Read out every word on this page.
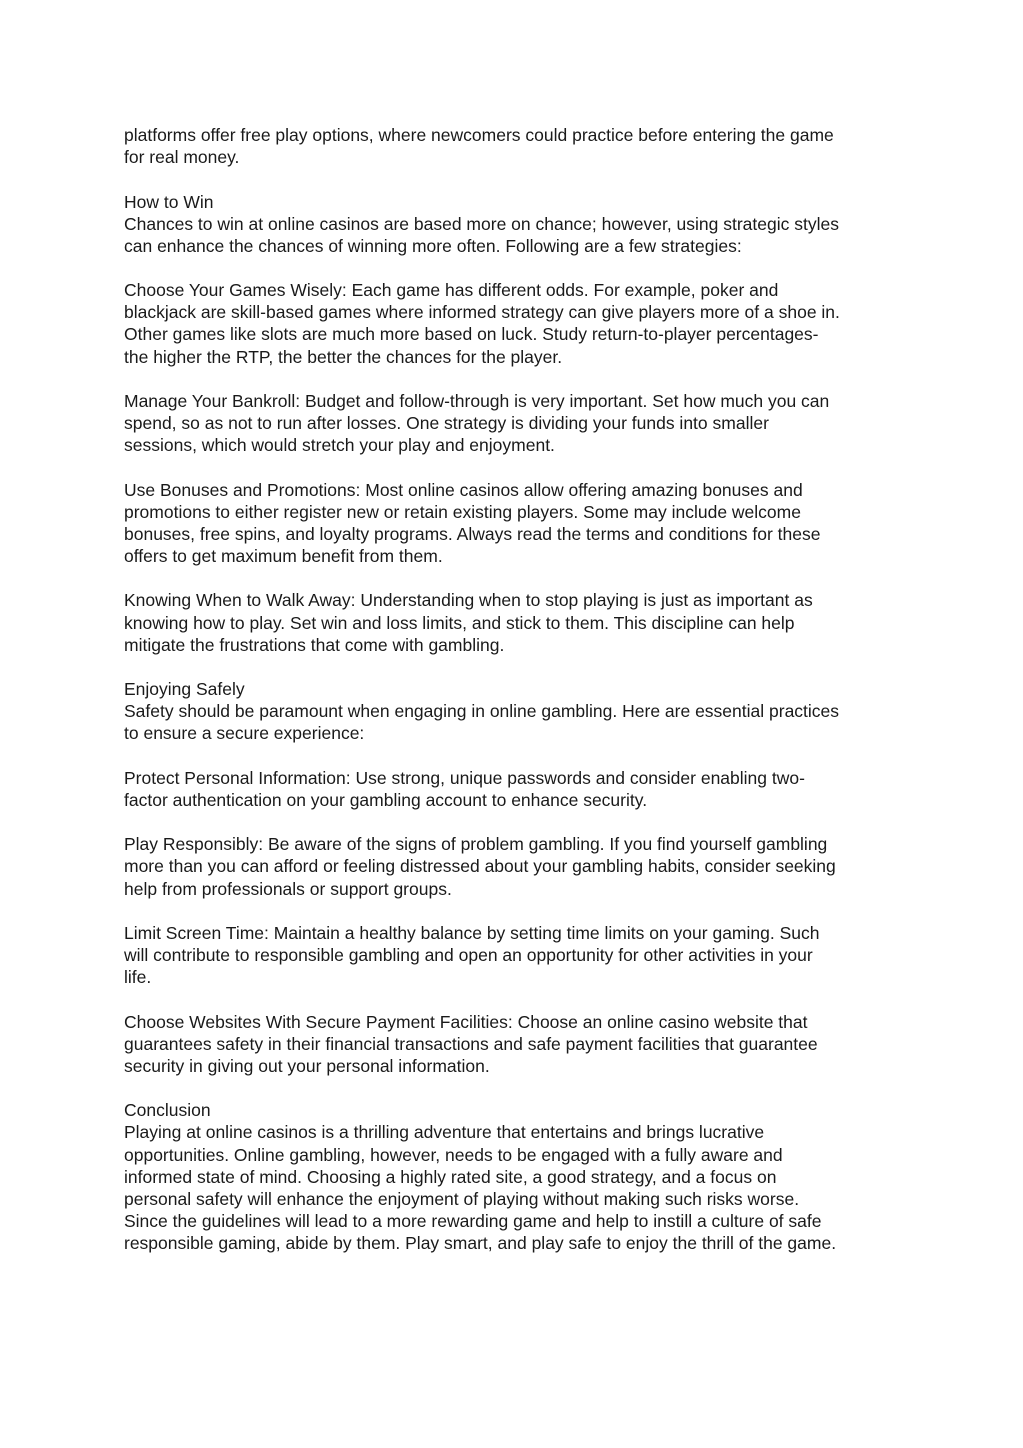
platforms offer free play options, where newcomers could practice before entering the game
for real money.
How to Win
Chances to win at online casinos are based more on chance; however, using strategic styles
can enhance the chances of winning more often. Following are a few strategies:
Choose Your Games Wisely: Each game has different odds. For example, poker and
blackjack are skill-based games where informed strategy can give players more of a shoe in.
Other games like slots are much more based on luck. Study return-to-player percentages-
the higher the RTP, the better the chances for the player.
Manage Your Bankroll: Budget and follow-through is very important. Set how much you can
spend, so as not to run after losses. One strategy is dividing your funds into smaller
sessions, which would stretch your play and enjoyment.
Use Bonuses and Promotions: Most online casinos allow offering amazing bonuses and
promotions to either register new or retain existing players. Some may include welcome
bonuses, free spins, and loyalty programs. Always read the terms and conditions for these
offers to get maximum benefit from them.
Knowing When to Walk Away: Understanding when to stop playing is just as important as
knowing how to play. Set win and loss limits, and stick to them. This discipline can help
mitigate the frustrations that come with gambling.
Enjoying Safely
Safety should be paramount when engaging in online gambling. Here are essential practices
to ensure a secure experience:
Protect Personal Information: Use strong, unique passwords and consider enabling two-
factor authentication on your gambling account to enhance security.
Play Responsibly: Be aware of the signs of problem gambling. If you find yourself gambling
more than you can afford or feeling distressed about your gambling habits, consider seeking
help from professionals or support groups.
Limit Screen Time: Maintain a healthy balance by setting time limits on your gaming. Such
will contribute to responsible gambling and open an opportunity for other activities in your
life.
Choose Websites With Secure Payment Facilities: Choose an online casino website that
guarantees safety in their financial transactions and safe payment facilities that guarantee
security in giving out your personal information.
Conclusion
Playing at online casinos is a thrilling adventure that entertains and brings lucrative
opportunities. Online gambling, however, needs to be engaged with a fully aware and
informed state of mind. Choosing a highly rated site, a good strategy, and a focus on
personal safety will enhance the enjoyment of playing without making such risks worse.
Since the guidelines will lead to a more rewarding game and help to instill a culture of safe
responsible gaming, abide by them. Play smart, and play safe to enjoy the thrill of the game.
